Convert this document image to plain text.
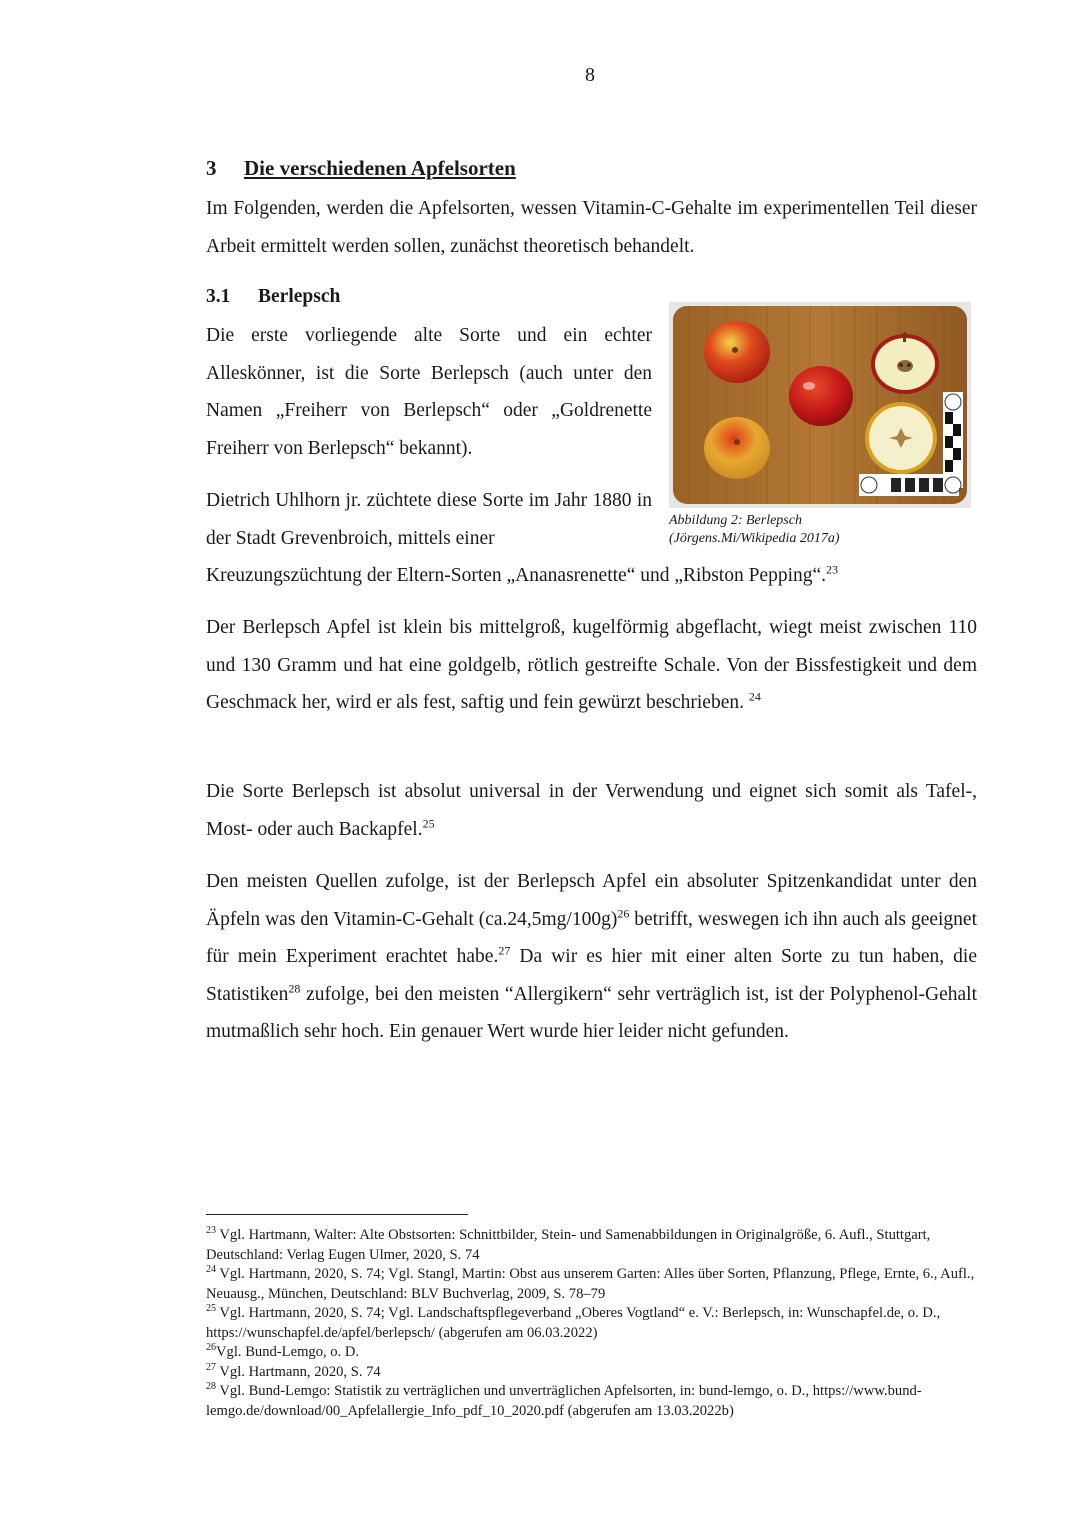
8
3 Die verschiedenen Apfelsorten

Im Folgenden, werden die Apfelsorten, wessen Vitamin-C-Gehalte im experimentellen Teil dieser Arbeit ermittelt werden sollen, zunächst theoretisch behandelt.

3.1 Berlepsch

Die erste vorliegende alte Sorte und ein echter Alleskönner, ist die Sorte Berlepsch (auch unter den Namen „Freiherr von Berlepsch“ oder „Goldrenette Freiherr von Berlepsch“ bekannt).

Dietrich Uhlhorn jr. züchtete diese Sorte im Jahr 1880 in der Stadt Grevenbroich, mittels einer

Kreuzungszüchtung der Eltern-Sorten „Ananasrenette“ und „Ribston Pepping“.$^{23}$

Abbildung 2: Berlepsch
(Jörgens.Mi/Wikipedia 2017a)

Der Berlepsch Apfel ist klein bis mittelgroß, kugelförmig abgeflacht, wiegt meist zwischen 110 und 130 Gramm und hat eine goldgelb, rötlich gestreifte Schale. Von der Bissfestigkeit und dem Geschmack her, wird er als fest, saftig und fein gewürzt beschrieben. $^{24}$

Die Sorte Berlepsch ist absolut universal in der Verwendung und eignet sich somit als Tafel-, Most- oder auch Backapfel.$^{25}$

Den meisten Quellen zufolge, ist der Berlepsch Apfel ein absoluter Spitzenkandidat unter den Äpfeln was den Vitamin-C-Gehalt $(ca.24,5mg/100g)^{26}$ betrifft, weswegen ich ihn auch als geeignet für mein Experiment erachtet habe.$^{27}$ Da wir es hier mit einer alten Sorte zu tun haben, die Statistiken$^{28}$ zufolge, bei den meisten “Allergikern“ sehr verträglich ist, ist der Polyphenol-Gehalt mutmaßlich sehr hoch. Ein genauer Wert wurde hier leider nicht gefunden.

$^{23}$ Vgl. Hartmann, Walter: Alte Obstsorten: Schnittbilder, Stein- und Samenabbildungen in Originalgröße, 6. Aufl., Stuttgart, Deutschland: Verlag Eugen Ulmer, 2020, S. 74

$^{24}$ Vgl. Hartmann, 2020, S. 74; Vgl. Stangl, Martin: Obst aus unserem Garten: Alles über Sorten, Pflanzung, Pflege, Ernte, 6., Aufl., Neuausg., München, Deutschland: BLV Buchverlag, 2009, S. 78–79

$^{25}$ Vgl. Hartmann, 2020, S. 74; Vgl. Landschaftspflegeverband „Oberes Vogtland“ e. V.: Berlepsch, in: Wunschapfel.de, o. D., https://wunschapfel.de/apfel/berlepsch/ (abgerufen am 06.03.2022)

$^{26}$Vgl. Bund-Lemgo, o. D.

$^{27}$ Vgl. Hartmann, 2020, S. 74

$^{28}$ Vgl. Bund-Lemgo: Statistik zu verträglichen und unverträglichen Apfelsorten, in: bund-lemgo, o. D., https://www.bund-lemgo.de/download/00_Apfelallergie_Info_pdf_10_2020.pdf (abgerufen am 13.03.2022b)
